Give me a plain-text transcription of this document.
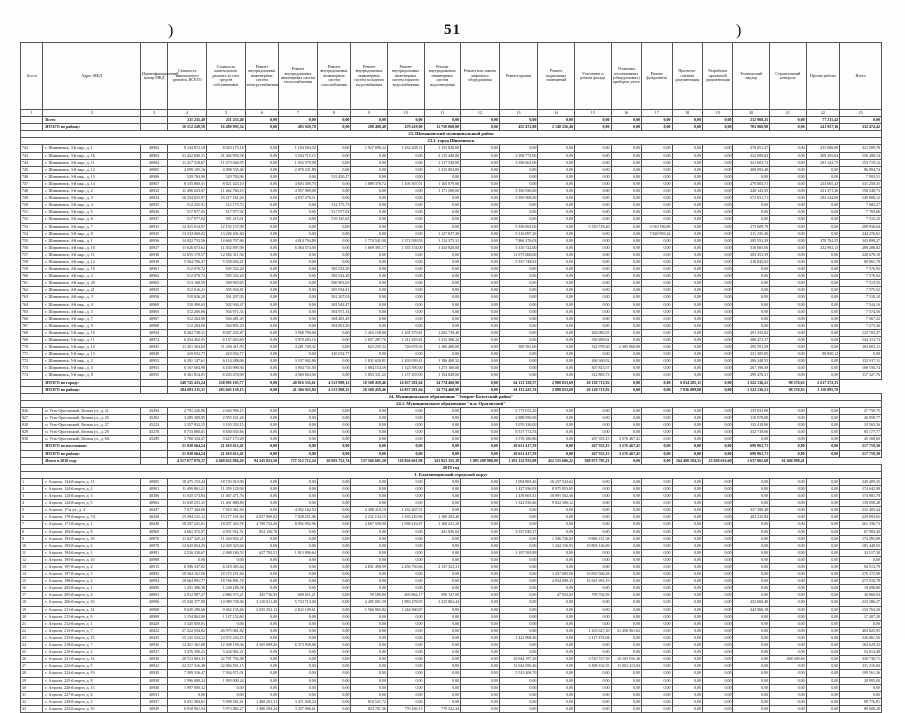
)	51	)
№ п/п	Адрес МКД	Идентификационный номер МКД	Стоимость капитального ремонта, ВСЕГО	Стоимость капитального ремонта за счет средств собственников	Ремонт внутридомовых инженерных систем электроснабжения	Ремонт внутридомовых инженерных систем теплоснабжения	Ремонт внутридомовых инженерных систем газоснабжения	Ремонт внутридомовых инженерных систем холодного водоснабжения	Ремонт внутридомовых инженерных систем горячего водоснабжения	Ремонт внутридомовых инженерных систем водоотведения	Ремонт или замена лифтового оборудования	Ремонт крыши	Ремонт подвальных помещений	Утепление и ремонт фасада	Установка коллективных (общедомовых) приборов учета	Ремонт фундамента	Проектно-сметная документация	Разработка проектной документации	Технический надзор	Строительный контроль	Прочие работы	Итого
1	2	3	4	5	6	7	8	9	10	11	12	13	14	15	16	17	18	19	20	21	22	23
	Всего		211 235,40	211 235,40	0,00	0,00	0,00	0,00	0,00	0,00	0,00	0,00	0,00	0,00	0,00	0,00	0,00	0,00	212 968,25	0,00	77 211,42	0,00
	ИТОГО по району:		16 512 249,58	16 489 995,34	0,00	483 929,70	0,00	288 408,48	479 419,00	11 750 060,00	0,00	455 472,80	2 148 256,40	0,00	0,00	0,00	0,00	0,00	703 968,98	0,00	241 957,16	332 474,42
23. Шимановский муниципальный район																						
23.1. город Шимановск																						
742	г. Шимановск, 3-й мкр., д. 1	40902	8 144 872,18	8 023 175,18	0,00	1 104 564,52	0,00	1 927 698,22	1 452 458,72	1 155 820,00	0,00	0,00	0,00	0,00	0,00	0,00	0,00	0,00	270 051,47	0,00	235 000,00	321 509,70
743	г. Шимановск, 3-й мкр., д. 1Б	40903	21 422 840,31	21 302 950,38	0,00	3 504 715,15	0,00	0,00	0,00	2 115 440,00	0,00	2 396 772,00	0,00	0,00	0,00	0,00	0,00	0,00	223 008,82	0,00	309 165,04	156 208,14
744	г. Шимановск, 3-й мкр., д. 11	40904	11 417 318,67	11 273 646,95	0,00	1 932 579,90	0,00	0,00	0,00	1 117 538,00	0,00	3 396 661,00	0,00	0,00	0,00	0,00	0,00	0,00	321 603,72	0,00	291 142,75	153 719,12
745	г. Шимановск, 3-й мкр., д. 12	40905	4 099 105,16	4 098 535,46	0,00	2 870 231,89	0,00	0,00	0,00	1 215 004,00	0,00	0,00	0,00	0,00	0,00	0,00	0,00	0,00	200 093,40	0,00	0,00	86 894,74
746	г. Шимановск, 3-й мкр., д. 13	40906	529 784,96	529 784,96	0,00	0,00	515 450,27	0,00	0,00	0,00	0,00	0,00	0,00	0,00	0,00	0,00	0,00	0,00	0,00	0,00	0,00	7 993,51
747	г. Шимановск, 3-й мкр., д. 14	40907	8 155 860,31	8 021 423,10	0,00	4 603 309,70	0,00	1 889 376,72	1 105 307,01	1 165 079,00	0,00	0,00	0,00	0,00	0,00	0,00	0,00	0,00	279 803,71	0,00	233 605,43	331 258,35
748	г. Шимановск, 3-й мкр., д. 2	40923	11 496 023,07	11 462 760,10	0,00	4 957 969,00	0,00	0,00	0,00	1 171 508,00	0,00	5 356 930,00	0,00	0,00	0,00	0,00	0,00	0,00	228 143,59	0,00	231 371,36	158 548,73
749	г. Шимановск, 3-й мкр., д. 3	40924	16 334 815,97	16 317 161,26	0,00	4 937 278,11	0,00	0,00	0,00	0,00	0,00	3 395 900,00	0,00	0,00	0,00	0,00	0,00	0,00	572 831,71	0,00	292 142,69	145 908,12
750	г. Шимановск, 3-й мкр., д. 4	40925	512 435,91	512 175,73	0,00	0,00	512 175,73	0,00	0,00	0,00	0,00	0,00	0,00	0,00	0,00	0,00	0,00	0,00	0,00	0,00	0,00	7 683,27
751	г. Шимановск, 3-й мкр., д. 5	40926	517 977,02	517 977,02	0,00	0,00	517 977,02	0,00	0,00	0,00	0,00	0,00	0,00	0,00	0,00	0,00	0,00	0,00	0,00	0,00	0,00	7 769,66
752	г. Шимановск, 3-й мкр., д. 6	40927	517 977,02	501 215,01	0,00	0,00	519 325,65	0,00	0,00	0,00	0,00	0,00	0,00	0,00	0,00	0,00	0,00	0,00	0,00	0,00	0,00	7 515,25
753	г. Шимановск, 3-й мкр., д. 7	40933	12 415 014,97	12 192 137,99	0,00	0,00	0,00	0,00	0,00	0,00	0,00	5 356 092,00	0,00	5 310 718,20	0,00	5 010 196,80	0,00	0,00	275 609,79	0,00	0,00	208 936,64
754	г. Шимановск, 3-й мкр., д. 8	40935	13 234 060,02	13 226 201,60	0,00	0,00	0,00	0,00	0,00	1 127 037,30	0,00	5 316 097,20	0,00	0,00	0,00	7 820 993,44	0,00	0,00	211 235,40	0,00	0,00	244 276,61
755	г. Шимановск, 4-й мкр., д. 1	40936	14 822 753,56	14 604 797,66	0,00	4 814 794,89	0,00	1 774 541,90	1 372 599,93	1 114 575,31	0,00	7 866 276,03	0,00	0,00	0,00	0,00	0,00	0,00	295 553,29	0,00	270 762,55	343 098,27
756	г. Шимановск, 4-й мкр., д. 10	40937	11 626 073,62	11 452 097,09	0,00	6 464 574,00	0,00	1 669 391,17	1 335 154,00	1 434 820,00	0,00	5 310 722,00	0,00	0,00	0,00	0,00	0,00	0,00	316 005,66	0,00	232 963,13	289 280,82
757	г. Шимановск, 4-й мкр., д. 11	40938	12 655 179,57	12 582 311,94	0,00	0,00	0,00	0,00	0,00	0,00	0,00	11 975 006,00	0,00	0,00	0,00	0,00	0,00	0,00	303 353,59	0,00	0,00	228 678,18
758	г. Шимановск, 4-й мкр., д. 12	40939	5 564 706,47	5 558 656,21	0,00	0,00	0,00	0,00	0,00	0,00	0,00	5 337 748,81	0,00	0,00	0,00	0,00	0,00	0,00	210 845,62	0,00	0,00	80 065,78
759	г. Шимановск, 4-й мкр., д. 19	40961	512 076,72	505 532,20	0,00	0,00	505 532,20	0,00	0,00	0,00	0,00	0,00	0,00	0,00	0,00	0,00	0,00	0,00	0,00	0,00	0,00	7 576,92
760	г. Шимановск, 4-й мкр., д. 2	40962	512 076,72	505 532,20	0,00	0,00	505 532,20	0,00	0,00	0,00	0,00	0,00	0,00	0,00	0,00	0,00	0,00	0,00	0,00	0,00	0,00	7 576,92
761	г. Шимановск, 4-й мкр., д. 20	40963	513 168,59	500 903,65	0,00	0,00	500 903,65	0,00	0,00	0,00	0,00	0,00	0,00	0,00	0,00	0,00	0,00	0,00	0,00	0,00	0,00	7 513,55
762	г. Шимановск, 4-й мкр., д. 21	40955	512 616,21	505 034,81	0,00	0,00	505 034,81	0,00	0,00	0,00	0,00	0,00	0,00	0,00	0,00	0,00	0,00	0,00	0,00	0,00	0,00	7 575,52
763	г. Шимановск, 4-й мкр., д. 3	40956	510 826,20	501 207,03	0,00	0,00	501 207,03	0,00	0,00	0,00	0,00	0,00	0,00	0,00	0,00	0,00	0,00	0,00	0,00	0,00	0,00	7 518,10
764	г. Шимановск, 4-й мкр., д. 4	40969	510 490,63	502 944,47	0,00	0,00	502 944,47	0,00	0,00	0,00	0,00	0,00	0,00	0,00	0,00	0,00	0,00	0,00	0,00	0,00	0,00	7 544,16
765	г. Шимановск, 4-й мкр., д. 5	40965	512 206,06	504 971,33	0,00	0,00	504 971,33	0,00	0,00	0,00	0,00	0,00	0,00	0,00	0,00	0,00	0,00	0,00	0,00	0,00	0,00	7 574,56
766	г. Шимановск, 4-й мкр., д. 7	40967	512 264,90	504 481,45	0,00	0,00	504 481,45	0,00	0,00	0,00	0,00	0,00	0,00	0,00	0,00	0,00	0,00	0,00	0,00	0,00	0,00	7 567,22
767	г. Шимановск, 4-й мкр., д. 9	40968	512 204,00	504 891,20	0,00	0,00	504 891,20	0,00	0,00	0,00	0,00	0,00	0,00	0,00	0,00	0,00	0,00	0,00	0,00	0,00	0,00	7 573,36
768	г. Шимановск, 5-й мкр., д. 10	40934	8 262 738,51	8 047 235,87	0,00	3 968 790,00	0,00	1 463 158,00	1 201 375,81	1 202 739,40	0,00	0,00	0,00	265 083,55	0,00	0,00	0,00	0,00	291 335,62	0,00	0,00	123 703,37
769	г. Шимановск, 5-й мкр., д. 11	40972	6 254 465,91	6 157 023,69	0,00	3 979 203,16	0,00	1 657 287,76	1 311 455,81	1 312 368,22	0,00	0,00	0,00	339 499,61	0,00	0,00	0,00	0,00	288 472,37	0,00	0,00	144 313,73
770	г. Шимановск, 5-й мкр., д. 12	40943	11 451 364,84	11 256 411,93	0,00	4 281 729,32	0,00	623 235,32	726 678,35	1 166 400,00	0,00	385 581,00	0,00	322 978,30	2 305 860,00	0,00	0,00	0,00	295 591,58	0,00	0,00	102 003,11
771	г. Шимановск, 5-й мкр., д. 13	40949	410 032,77	410 032,77	0,00	0,00	410 032,77	0,00	0,00	0,00	0,00	0,00	0,00	0,00	0,00	0,00	0,00	0,00	231 305,85	0,00	98 850,12	0,00
772	г. Шимановск, 5-й мкр., д. 2	40952	6 291 147,61	6 114 288,06	0,00	3 537 902,86	0,00	1 831 620,81	1 203 039,41	1 186 468,32	0,00	0,00	0,00	266 369,02	0,00	0,00	0,00	0,00	286 240,55	0,00	0,00	152 917,11
773	г. Шимановск, 5-й мкр., д. 3	40953	6 167 604,98	6 105 990,94	0,00	3 904 731,00	0,00	1 804 154,59	1 125 590,00	1 273 160,00	0,00	0,00	0,00	307 813,57	0,00	0,00	0,00	0,00	267 196,59	0,00	0,00	106 156,74
774	г. Шимановск, 5-й мкр., д. 8	40955	8 361 814,81	8 203 478,09	0,00	4 960 863,00	0,00	1 853 331,25	1 157 255,00	1 154 828,00	0,00	0,00	0,00	312 865,73	0,00	0,00	0,00	0,00	299 476,31	0,00	0,00	117 327,76
	ИТОГО по городу:		240 745 433,24	238 905 103,77	0,00	40 816 535,61	4 513 998,15	18 508 459,46	14 057 281,64	34 774 460,90	0,00	64 131 328,57	2 980 833,69	20 120 713,92	0,00	0,00	6 034 285,11	0,00	1 522 136,21	98 376,63	2 617 372,33	
	ИТОГО по району:		284 683 211,31	283 045 158,15	0,00	41 304 925,84	4 513 998,15	18 508 459,46	14 057 281,64	34 774 460,90	0,00	61 113 425,76	2 980 833,69	20 120 713,92	0,00	0,00	7 036 889,00	0,00	1 522 136,21	98 376,63	3 116 895,70	
24. Муниципальное образование "Эмерит-Болотский район"																						
24.1. Муниципальное образование "п.м. Ороговский"																						
826	п. Усть-Ороговский, Лесная ул., д. 21	45294	2 791 226,96	2 643 996,15	0,00	0,00	0,00	0,00	0,00	0,00	0,00	2 773 072,20	0,00	0,00	0,00	0,00	0,00	0,00	133 933,80	0,00	0,00	27 750,75
827	п. Усть-Ороговский, Лесная ул., д. 25	45202	3 285 309,85	2 955 231,26	0,00	0,00	0,00	0,00	0,00	0,00	0,00	2 888 050,00	0,00	0,00	0,00	0,00	0,00	0,00	118 978,00	0,00	0,00	26 058,77
828	п. Усть-Ороговский, Лесная ул., д. 27	45223	3 357 932,15	3 103 333,15	0,00	0,00	0,00	0,00	0,00	0,00	0,00	3 076 336,00	0,00	0,00	0,00	0,00	0,00	0,00	133 419,80	0,00	0,00	33 563,36
829	п. Усть-Ороговский, Лесная ул., д. 29	45276	8 733 860,81	8 650 035,66	0,00	0,00	0,00	0,00	0,00	0,00	0,00	8 317 772,53	0,00	0,00	0,00	0,00	0,00	0,00	332 718,66	0,00	0,00	85 177,77
830	п. Усть-Ороговский, Лесная ул., д. 6А	45289	3 760 334,47	3 627 173,28	0,00	0,00	0,00	0,00	0,00	0,00	0,00	3 576 186,86	0,00	267 355,15	3 576 467,41	0,00	0,00	0,00	0,00	0,00	0,00	45 168,60
	ИТОГО по поселению:		21 928 664,24	21 619 612,45	0,00	0,00	0,00	0,00	0,00	0,00	0,00	20 631 417,59	0,00	267 355,15	3 576 467,41	0,00	0,00	0,00	699 963,71	0,00	0,00	217 719,30
	ИТОГО по району:		21 928 664,24	21 619 612,45	0,00	0,00	0,00	0,00	0,00	0,00	0,00	20 631 417,59	0,00	267 355,15	3 576 467,41	0,00	0,00	0,00	699 963,71	0,00	0,00	217 719,30
	Итого в 2018 году		4 517 677 076,37	4 469 632 984,29	94 245 823,50	727 512 712,24	26 693 752,74	137 566 601,50	118 826 661,98	343 921 355,18	1 085 208 980,09	1 291 122 933,08	452 155 606,22	369 973 795,21	0,00	0,00	164 490 594,31	23 920 616,60	1 637 065,68	61 046 998,41		
2019 год																						
1. Благовещенский городской округ																						
1	г. Алушта, 134-й мкр-н, д. 11	40905	18 475 153,44	18 743 010,99	0,00	0,00	0,00	0,00	0,00	0,00	0,00	1 094 865,46	16 237 543,62	0,00	0,00	0,00	0,00	0,00	0,00	0,00	0,00	240 409,35
2	г. Алушта, 124-й мкр-н, д. 2	40901	11 499 861,21	11 359 129,94	0,00	0,00	0,00	0,00	0,00	0,00	0,00	1 427 936,93	8 975 053,65	0,00	0,00	0,00	0,00	0,00	0,00	0,00	0,00	174 642,98
3	г. Алушта, 124-й мкр-н, д. 3	40306	11 635 173,84	11 467 471,76	0,00	0,00	0,00	0,00	0,00	0,00	0,00	1 439 605,41	10 091 562,36	0,00	0,00	0,00	0,00	0,00	0,00	0,00	0,00	174 081,78
4	г. Алушта, 124-й мкр-н, д. 5	40904	11 630 255,31	11 401 880,86	0,00	0,00	0,00	0,00	0,00	0,00	0,00	1 322 816,46	9 822 506,12	0,00	0,00	0,00	0,00	0,00	0,00	0,00	0,00	139 058,28
5	г. Алушта, 17-я ул., д. 4	40437	7 677 444,06	7 610 361,64	0,00	4 052 162,54	0,00	2 498 410,19	1 432 267,51	0,00	0,00	0,00	0,00	0,00	0,00	0,00	0,00	0,00	327 399,40	0,00	0,00	232 405,44
6	г. Алушта, 170-й мкр-н, д. 7А	40438	15 394 131,12	15 177 101,60	4 057 909,02	7 028 251,06	0,00	2 231 133,15	1 435 210,96	1 180 203,40	0,00	0,00	0,00	0,00	0,00	0,00	0,00	0,00	402 235,84	0,00	0,00	229 093,65
7	г. Алушта, 171-й мкр-н, д. 1	40440	18 297 241,01	18 057 343,78	4 700 732,26	8 902 092,96	0,00	2 667 938,90	1 938 216,47	1 168 241,20	0,00	0,00	0,00	0,00	0,00	0,00	0,00	0,00	0,00	0,00	0,00	261 336,73
8	г. Алушта, 184-й мкр-н, д. 8	40969	4 661 372,97	4 591 921,51	854 136,78	0,00	0,00	0,00	0,00	441 936,04	0,00	3 537 040,27	0,00	0,00	0,00	0,00	0,00	0,00	0,00	0,00	0,00	67 983,30
9	г. Алушта, 193-й мкр-н, д. 10	40970	11 627 325,24	11 454 902,21	0,00	0,00	0,00	0,00	0,00	0,00	0,00	0,00	1 346 726,03	9 886 151,38	0,00	0,00	0,00	0,00	0,00	0,00	0,00	174 495,89
10	г. Алушта, 193-й мкр-н, д. 2	40970	12 643 854,25	12 429 323,64	0,00	0,00	0,00	0,00	0,00	0,00	0,00	0,00	1 444 156,93	10 803 126,69	0,00	0,00	0,00	0,00	0,00	0,00	0,00	181 440,02
11	г. Алушта, 194-й мкр-н, д. 1	40991	2 516 330,67	2 468 186,53	627 792,51	1 813 896,64	0,00	0,00	0,00	0,00	0,00	1 197 595,89	0,00	0,00	0,00	0,00	0,00	0,00	0,00	0,00	0,00	33 517,38
12	г. Алушта, 195-й мкр-н, д. 10	40988	0,00	0,00	0,00	0,00	0,00	0,00	0,00	0,00	0,00	0,00	0,00	0,00	0,00	0,00	0,00	0,00	0,00	0,00	0,00	0,00
13	г. Алушта, 197-й мкр-н, д. 2	40915	6 396 337,02	6 318 383,44	0,00	0,00	0,00	2 831 498,99	2 256 750,66	2 137 323,31	0,00	0,00	0,00	0,00	0,00	0,00	0,00	0,00	0,00	0,00	0,00	94 513,79
14	г. Алушта, 197-й мкр-н, д. 3	40892	18 564 161,56	18 273 191,84	0,00	0,00	0,00	0,00	0,00	0,00	0,00	0,00	1 437 685,56	16 835 506,28	0,00	0,00	0,00	0,00	0,00	0,00	0,00	276 175,98
15	г. Алушта, 198-й мкр-н, д. 2	40894	18 664 891,77	18 766 801,76	0,00	0,00	0,00	0,00	0,00	0,00	0,00	0,00	2 034 690,35	16 561 691,19	0,00	0,00	0,00	0,00	0,00	0,00	0,00	275 010,78
16	г. Алушта, 203-й мкр-н, д. 1	40890	1 251 386,38	1 248 186,38	0,00	0,00	0,00	0,00	0,00	0,00	0,00	0,00	0,00	0,00	0,00	0,00	0,00	0,00	0,00	0,00	0,00	18 698,80
17	г. Алушта, 205-й мкр-н, д. 4	40893	2 912 987,27	2 884 573,21	445 716,93	600 011,21	0,00	59 509,80	493 962,17	590 127,00	0,00	0,00	47 923,03	795 702,83	0,00	0,00	0,00	0,00	0,00	0,00	0,00	36 860,94
18	г. Алушта, 206-й мкр-н, д. 10	40906	15 028 377,90	14 989 738,46	3 210 011,48	5 723 713,00	0,00	2 495 001,59	1 883 478,05	1 225 862,44	0,00	0,00	0,00	0,00	0,00	0,00	0,00	0,00	232 660,40	0,00	0,00	223 386,27
19	г. Алушта, 211-й мкр-н, д. 14	40908	9 630 290,66	9 462 135,66	2 035 332,12	2 822 109,61	0,00	1 566 965,82	1 244 960,87	0,00	0,00	0,00	0,00	0,00	0,00	0,00	0,00	0,00	342 960,18	0,00	0,00	133 763,26
20	г. Алушта, 211-й мкр-н, д. 9	40909	1 154 862,90	1 147 152,60	0,00	0,00	0,00	0,00	0,00	0,00	0,00	0,00	0,00	0,00	0,00	0,00	0,00	0,00	0,00	0,00	0,00	17 207,29
21	г. Алушта, 212-й мкр-н, д. 1	40420	3 425 850,81	0,00	0,00	0,00	0,00	0,00	0,00	0,00	0,00	0,00	0,00	0,00	0,00	0,00	0,00	0,00	0,00	0,00	0,00	0,00
22	г. Алушта, 213-й мкр-н, д. 7	40422	27 222 934,82	26 975 061,82	0,00	0,00	0,00	0,00	0,00	0,00	0,00	0,00	0,00	1 453 627,20	21 456 961,62	0,00	0,00	0,00	0,00	0,00	0,00	403 825,95
23	г. Алушта, 215-й мкр-н, д. 15	40425	15 141 522,22	14 972 243,25	0,00	0,00	0,00	0,00	0,00	0,00	0,00	1 422 868,46	0,00	2 117 474,94	0,00	0,00	0,00	0,00	0,00	0,00	0,00	226 061,56
24	г. Алушта, 218-й мкр-н, д. 7	40926	12 451 361,88	12 308 158,36	4 565 689,26	6 373 838,08	0,00	0,00	0,00	0,00	0,00	0,00	0,00	0,00	0,00	0,00	0,00	0,00	0,00	0,00	0,00	184 629,32
25	г. Алушта, 219-й мкр-н, д. 2	40927	3 476 390,21	3 434 961,21	0,00	0,00	0,00	0,00	0,00	0,00	0,00	0,00	0,00	0,00	0,00	0,00	0,00	0,00	0,00	0,00	0,00	52 014,48
26	г. Алушта, 221-й мкр-н, д. 12	40928	20 513 863,31	22 791 792,88	0,00	0,00	0,00	0,00	0,00	0,00	0,00	10 044 197,26	0,00	3 510 727,59	10 103 916,36	0,00	0,00	0,00	0,00	668 300,66	0,00	330 730,71
27	г. Алушта, 222-й мкр-н, д. 5	40922	22 317 316,48	22 084 591,15	0,00	0,00	0,00	0,00	0,00	0,00	0,00	12 042 050,46	0,00	3 498 102,35	11 063 413,94	0,00	0,00	0,00	0,00	0,00	0,00	331 216,84
28	г. Алушта, 224-й мкр-н, д. 19	40929	7 309 336,47	7 304 071,01	0,00	0,00	0,00	0,00	0,00	0,00	0,00	5 533 406,70	0,00	0,00	0,00	0,00	0,00	0,00	0,00	0,00	0,00	109 561,36
29	г. Алушта, 225-й мкр-н, д. 8	40930	1 996 000,24	1 993 000,24	0,00	0,00	0,00	0,00	0,00	0,00	0,00	0,00	0,00	0,00	0,00	0,00	0,00	0,00	0,00	0,00	0,00	29 895,00
30	г. Алушта, 226-й мкр-н, д. 13	40940	1 997 000,32	0,00	0,00	0,00	0,00	0,00	0,00	0,00	0,00	0,00	0,00	0,00	0,00	0,00	0,00	0,00	0,00	0,00	0,00	0,00
31	г. Алушта, 227-й мкр-н, д. 6	40931	0,00	0,00	0,00	0,00	0,00	0,00	0,00	0,00	0,00	0,00	0,00	0,00	0,00	0,00	0,00	0,00	0,00	0,00	0,00	0,00
32	г. Алушта, 228-й мкр-н, д. 2	40957	6 031 984,61	5 998 581,61	1 468 291,31	3 471 028,24	0,00	810 521,72	0,00	0,00	0,00	0,00	0,00	0,00	0,00	0,00	0,00	0,00	0,00	0,00	0,00	98 776,81
33	г. Алушта, 232-й мкр-н, д. 10	40929	6 018 961,94	5 973 882,27	1 486 294,24	3 437 006,61	0,00	823 781,36	770 436,15	779 322,34	0,00	0,00	0,00	0,00	0,00	0,00	0,00	0,00	0,00	0,00	0,00	88 608,28
